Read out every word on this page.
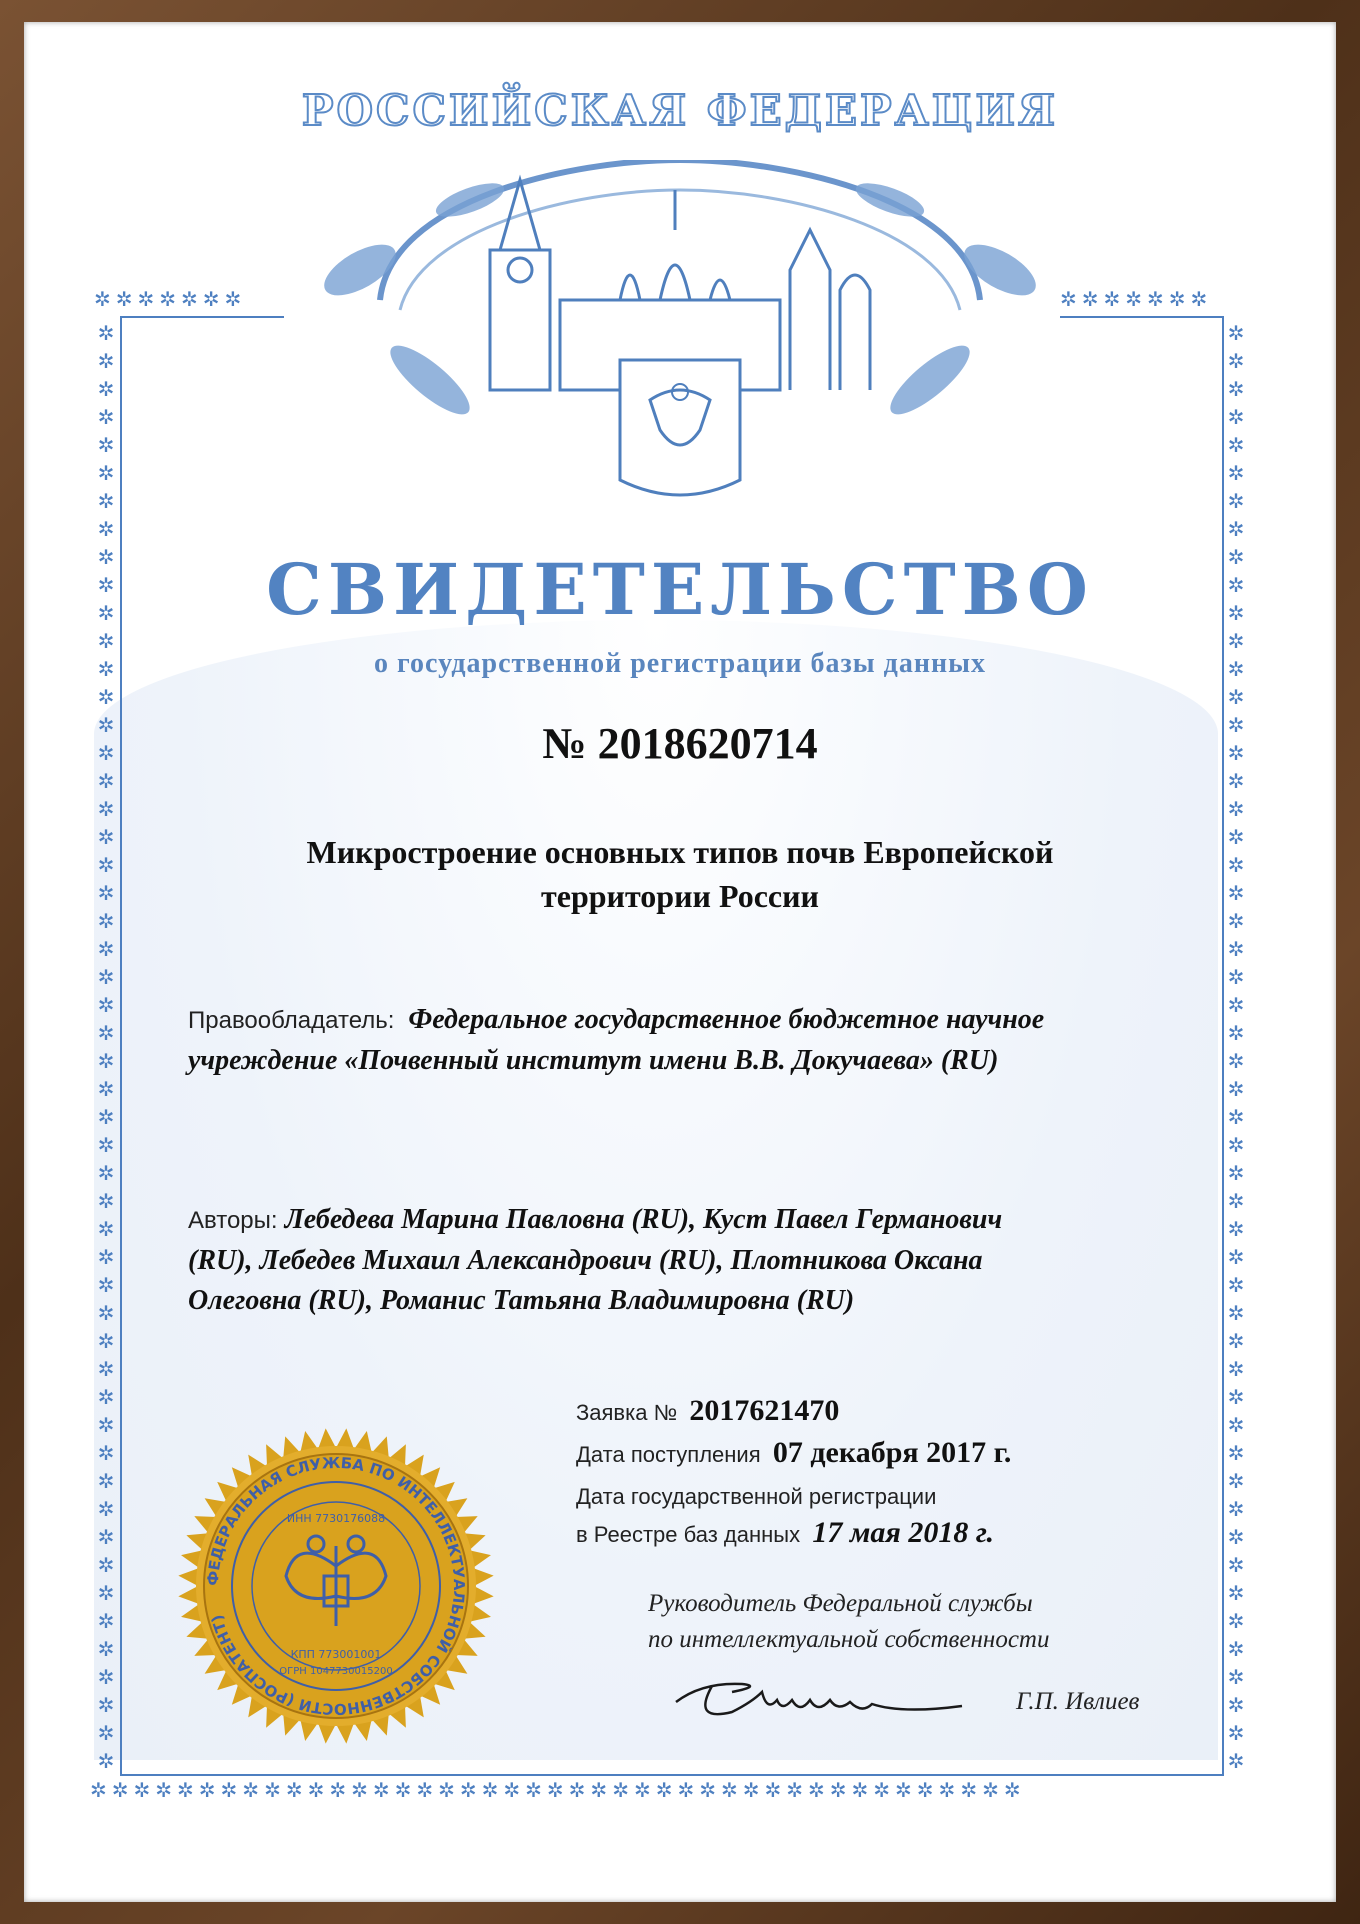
✲✲✲✲✲✲✲	✲✲✲✲✲✲✲
✲ ✲ ✲ ✲ ✲ ✲ ✲ ✲ ✲ ✲ ✲ ✲ ✲ ✲ ✲ ✲ ✲ ✲ ✲ ✲ ✲ ✲ ✲ ✲ ✲ ✲ ✲ ✲ ✲ ✲ ✲ ✲ ✲ ✲ ✲ ✲ ✲ ✲ ✲ ✲ ✲ ✲ ✲ ✲ ✲ ✲ ✲ ✲ ✲ ✲ ✲ ✲
✲ ✲ ✲ ✲ ✲ ✲ ✲ ✲ ✲ ✲ ✲ ✲ ✲ ✲ ✲ ✲ ✲ ✲ ✲ ✲ ✲ ✲ ✲ ✲ ✲ ✲ ✲ ✲ ✲ ✲ ✲ ✲ ✲ ✲ ✲ ✲ ✲ ✲ ✲ ✲ ✲ ✲ ✲ ✲ ✲ ✲ ✲ ✲ ✲ ✲ ✲ ✲
✲✲✲✲✲✲✲✲✲✲✲✲✲✲✲✲✲✲✲✲✲✲✲✲✲✲✲✲✲✲✲✲✲✲✲✲✲✲✲✲✲✲✲
РОССИЙСКАЯ ФЕДЕРАЦИЯ
СВИДЕТЕЛЬСТВО
о государственной регистрации базы данных
№ 2018620714
Микростроение основных типов почв Европейской
территории России
Правообладатель: Федеральное государственное бюджетное научное
учреждение «Почвенный институт имени В.В. Докучаева» (RU)
Авторы: Лебедева Марина Павловна (RU), Куст Павел Германович
(RU), Лебедев Михаил Александрович (RU), Плотникова Оксана
Олеговна (RU), Романис Татьяна Владимировна (RU)
Заявка № 2017621470
Дата поступления 07 декабря 2017 г.
Дата государственной регистрации
в Реестре баз данных 17 мая 2018 г.
Руководитель Федеральной службы
по интеллектуальной собственности
Г.П. Ивлиев
ФЕДЕРАЛЬНАЯ СЛУЖБА ПО ИНТЕЛЛЕКТУАЛЬНОЙ СОБСТВЕННОСТИ (РОСПАТЕНТ)
ИНН 7730176088
КПП 773001001
ОГРН 1047730015200
